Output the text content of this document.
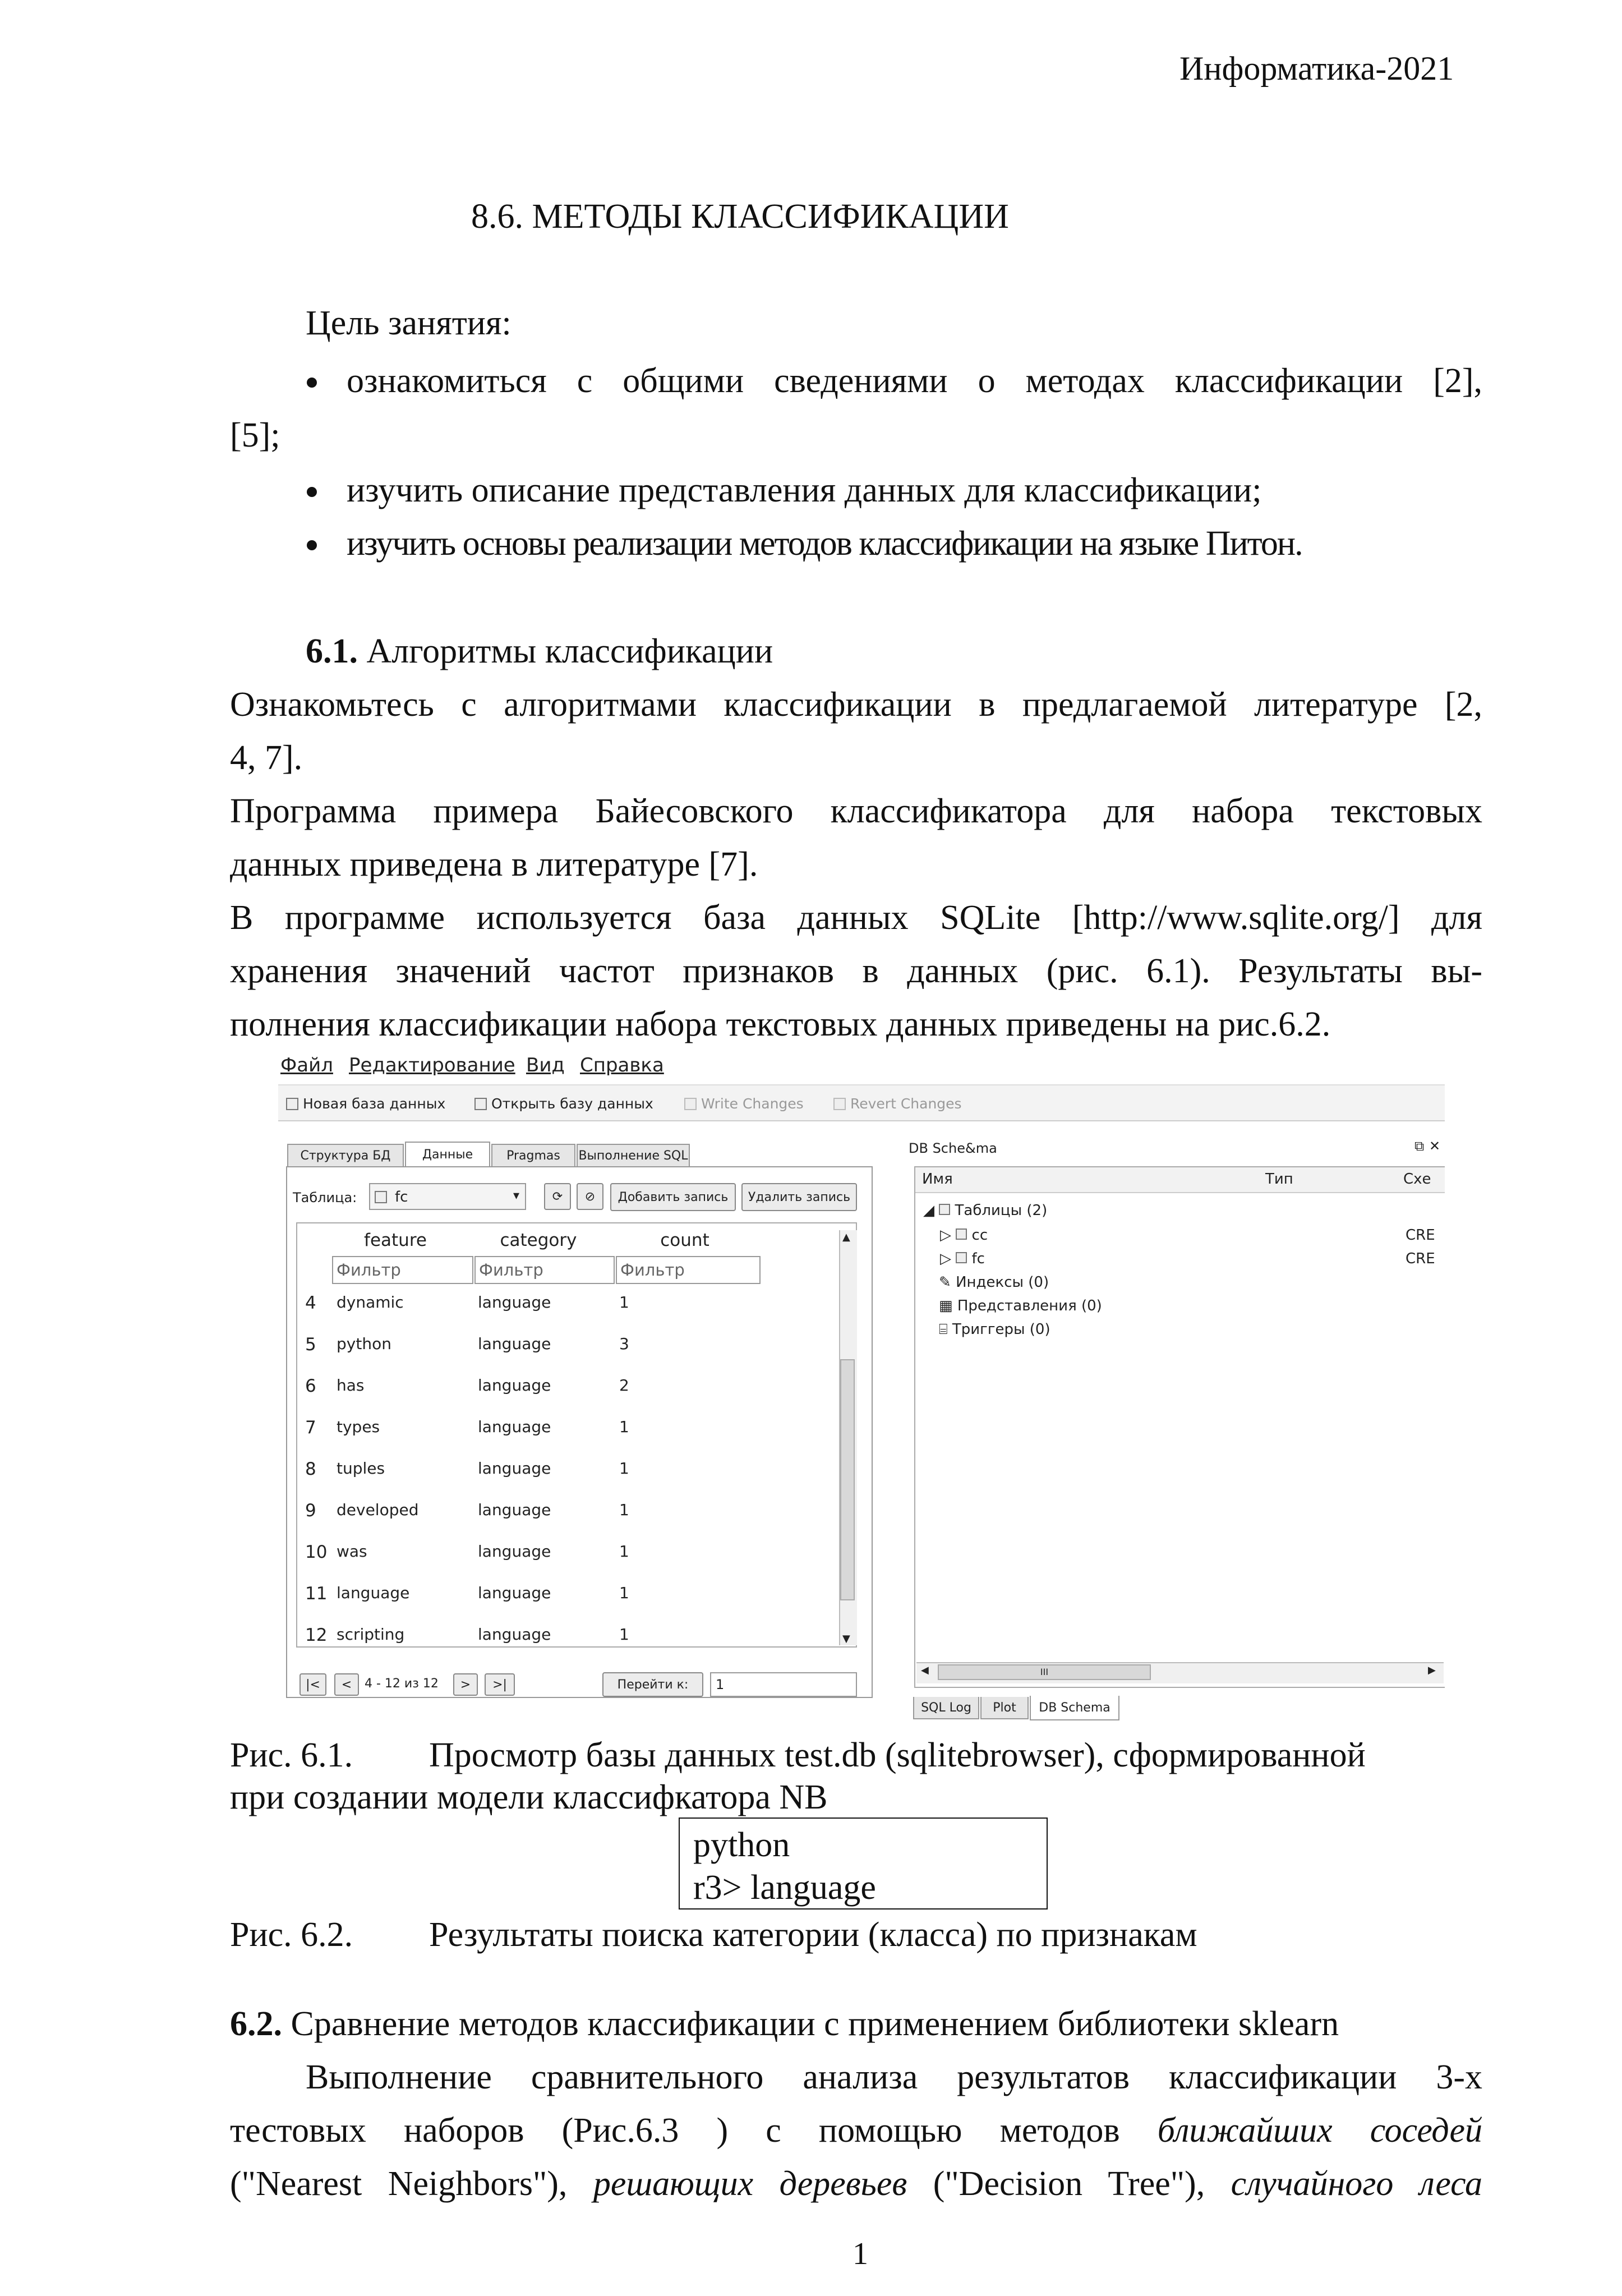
Информатика-2021
8.6. МЕТОДЫ КЛАССИФИКАЦИИ
Цель занятия:
ознакомиться с общими сведениями о методах классификации [2],
[5];
изучить описание представления данных для классификации;
изучить основы реализации методов классификации на языке Питон.
6.1. Алгоритмы классификации
Ознакомьтесь с алгоритмами классификации в предлагаемой литературе [2,
4, 7].
Программа примера Байесовского классификатора для набора текстовых
данных приведена в литературе [7].
В программе используется база данных SQLite [http://www.sqlite.org/] для
хранения значений частот признаков в данных (рис. 6.1). Результаты вы-
полнения классификации набора текстовых данных приведены на рис.6.2.
Файл Редактирование Вид Справка
Новая база данных	Открыть базу данных	Write Changes	Revert Changes
Структура БД	Данные	Pragmas	Выполнение SQL
Таблица:	fc	▾	⟳	⊘	Добавить запись	Удалить запись
feature	category	count
Фильтр	Фильтр	Фильтр
4 dynamic	language	1
5 python	language	3
6 has	language	2
7 types	language	1
8 tuples	language	1
9 developed	language	1
10 was	language	1
11 language	language	1
12 scripting	language	1
▲
▼
|<	<	4 - 12 из 12	>	>|	Перейти к:	1
DB Sche&ma	⧉ ✕
Имя	Тип	Схе
◢  Таблицы (2)
▷  cc	CRE
▷  fc	CRE
✎ Индексы (0)
▦ Представления (0)
⌸ Триггеры (0)
◀	III	▶
SQL Log	Plot	DB Schema
Рис. 6.1. Просмотр базы данных test.db (sqlitebrowser), сформированной
при создании модели классифкатора NB
python
r3> language
Рис. 6.2. Результаты поиска категории (класса) по признакам
6.2. Сравнение методов классификации с применением библиотеки sklearn
Выполнение сравнительного анализа результатов классификации 3-х
тестовых наборов (Рис.6.3 ) с помощью методов ближайших соседей
("Nearest Neighbors"), решающих деревьев ("Decision Tree"), случайного леса
1
